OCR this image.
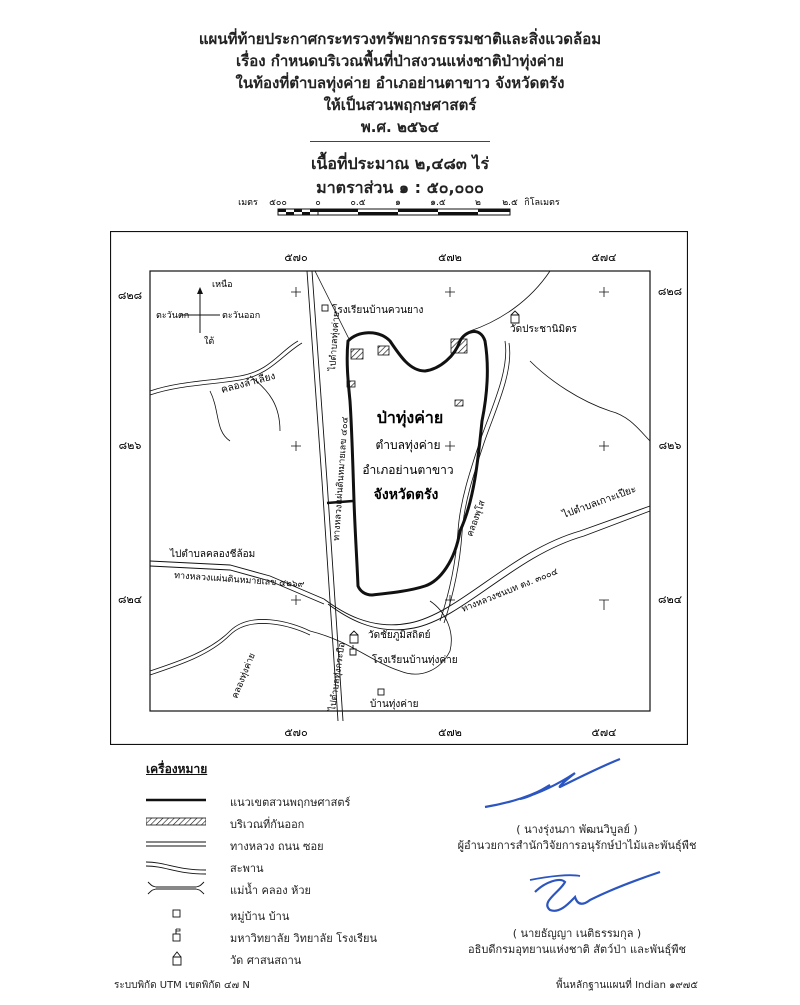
แผนที่ท้ายประกาศกระทรวงทรัพยากรธรรมชาติและสิ่งแวดล้อม
เรื่อง กำหนดบริเวณพื้นที่ป่าสงวนแห่งชาติป่าทุ่งค่าย
ในท้องที่ตำบลทุ่งค่าย อำเภอย่านตาขาว จังหวัดตรัง
ให้เป็นสวนพฤกษศาสตร์
พ.ศ. ๒๕๖๔
เนื้อที่ประมาณ ๒,๔๘๓ ไร่
มาตราส่วน ๑ : ๕๐,๐๐๐
เมตร ๕๐๐	๐	๐.๕	๑	๑.๕	๒ ๒.๕ กิโลเมตร
๕๗๐	๕๗๒	๕๗๔
๕๗๐	๕๗๒	๕๗๔
๘๒๘
๘๒๖
๘๒๔
๘๒๘
๘๒๖
๘๒๔
เหนือ
ใต้
ตะวันตก	ตะวันออก
ป่าทุ่งค่าย
ตำบลทุ่งค่าย
อำเภอย่านตาขาว
จังหวัดตรัง
โรงเรียนบ้านควนยาง
วัดประชานิมิตร
คลองลำเลียง
ไปตำบลทุ่งค่าย
ทางหลวงแผ่นดินหมายเลข ๔๐๔
ไปตำบลคลองชีล้อม
ทางหลวงแผ่นดินหมายเลข ๔๒๖๙
คลองพุโส	ไปตำบลเกาะเปียะ
ทางหลวงชนบท ตง. ๓๐๐๔
วัดชัยภูมิสถิตย์
โรงเรียนบ้านทุ่งค่าย
คลองทุ่งค่าย	ไปตำบลทุ่งกระบือ บ้านทุ่งค่าย
เครื่องหมาย
แนวเขตสวนพฤกษศาสตร์
บริเวณที่กันออก
ทางหลวง ถนน ซอย
สะพาน
แม่น้ำ คลอง ห้วย
หมู่บ้าน บ้าน
มหาวิทยาลัย วิทยาลัย โรงเรียน
วัด ศาสนสถาน
( นางรุ่งนภา พัฒนวิบูลย์ )
ผู้อำนวยการสำนักวิจัยการอนุรักษ์ป่าไม้และพันธุ์พืช
( นายธัญญา เนติธรรมกุล )
อธิบดีกรมอุทยานแห่งชาติ สัตว์ป่า และพันธุ์พืช
ระบบพิกัด UTM เขตพิกัด ๔๗ N	พื้นหลักฐานแผนที่ Indian ๑๙๗๕
